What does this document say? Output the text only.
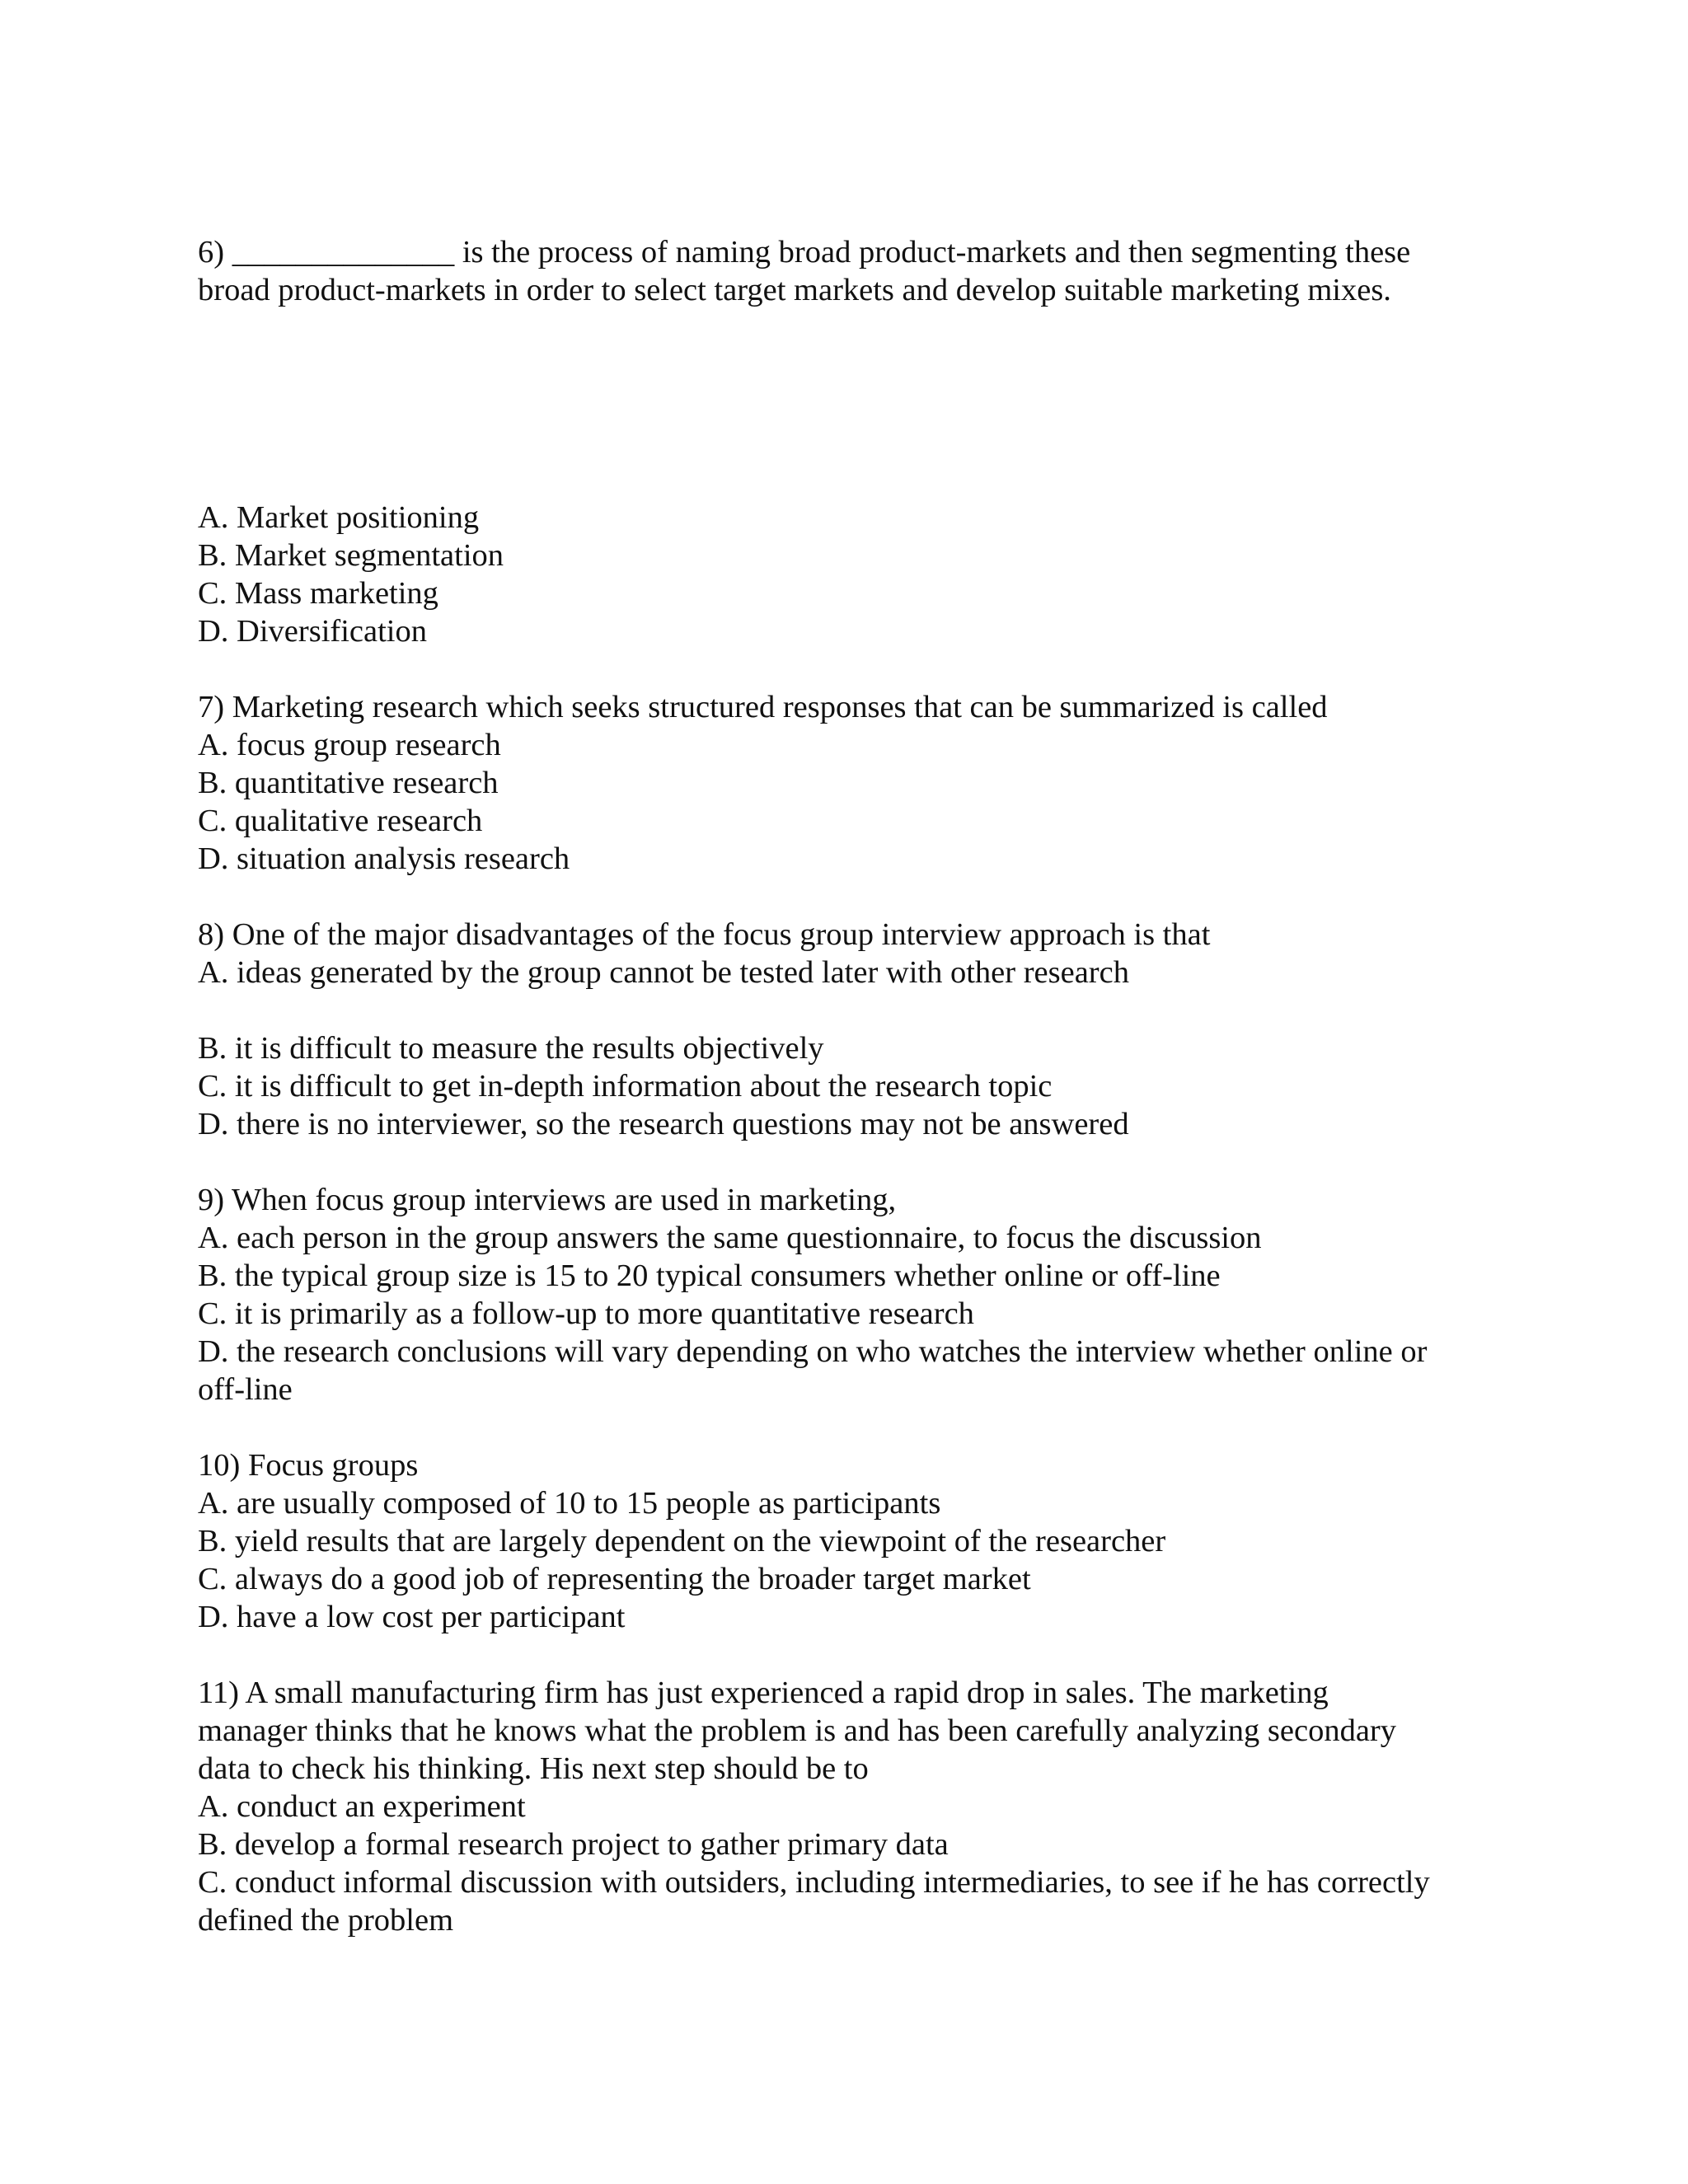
6) ______________ is the process of naming broad product-markets and then segmenting these
broad product-markets in order to select target markets and develop suitable marketing mixes.
A. Market positioning
B. Market segmentation
C. Mass marketing
D. Diversification
7) Marketing research which seeks structured responses that can be summarized is called
A. focus group research
B. quantitative research
C. qualitative research
D. situation analysis research
8) One of the major disadvantages of the focus group interview approach is that
A. ideas generated by the group cannot be tested later with other research
B. it is difficult to measure the results objectively
C. it is difficult to get in-depth information about the research topic
D. there is no interviewer, so the research questions may not be answered
9) When focus group interviews are used in marketing,
A. each person in the group answers the same questionnaire, to focus the discussion
B. the typical group size is 15 to 20 typical consumers whether online or off-line
C. it is primarily as a follow-up to more quantitative research
D. the research conclusions will vary depending on who watches the interview whether online or
off-line
10) Focus groups
A. are usually composed of 10 to 15 people as participants
B. yield results that are largely dependent on the viewpoint of the researcher
C. always do a good job of representing the broader target market
D. have a low cost per participant
11) A small manufacturing firm has just experienced a rapid drop in sales. The marketing
manager thinks that he knows what the problem is and has been carefully analyzing secondary
data to check his thinking. His next step should be to
A. conduct an experiment
B. develop a formal research project to gather primary data
C. conduct informal discussion with outsiders, including intermediaries, to see if he has correctly
defined the problem
